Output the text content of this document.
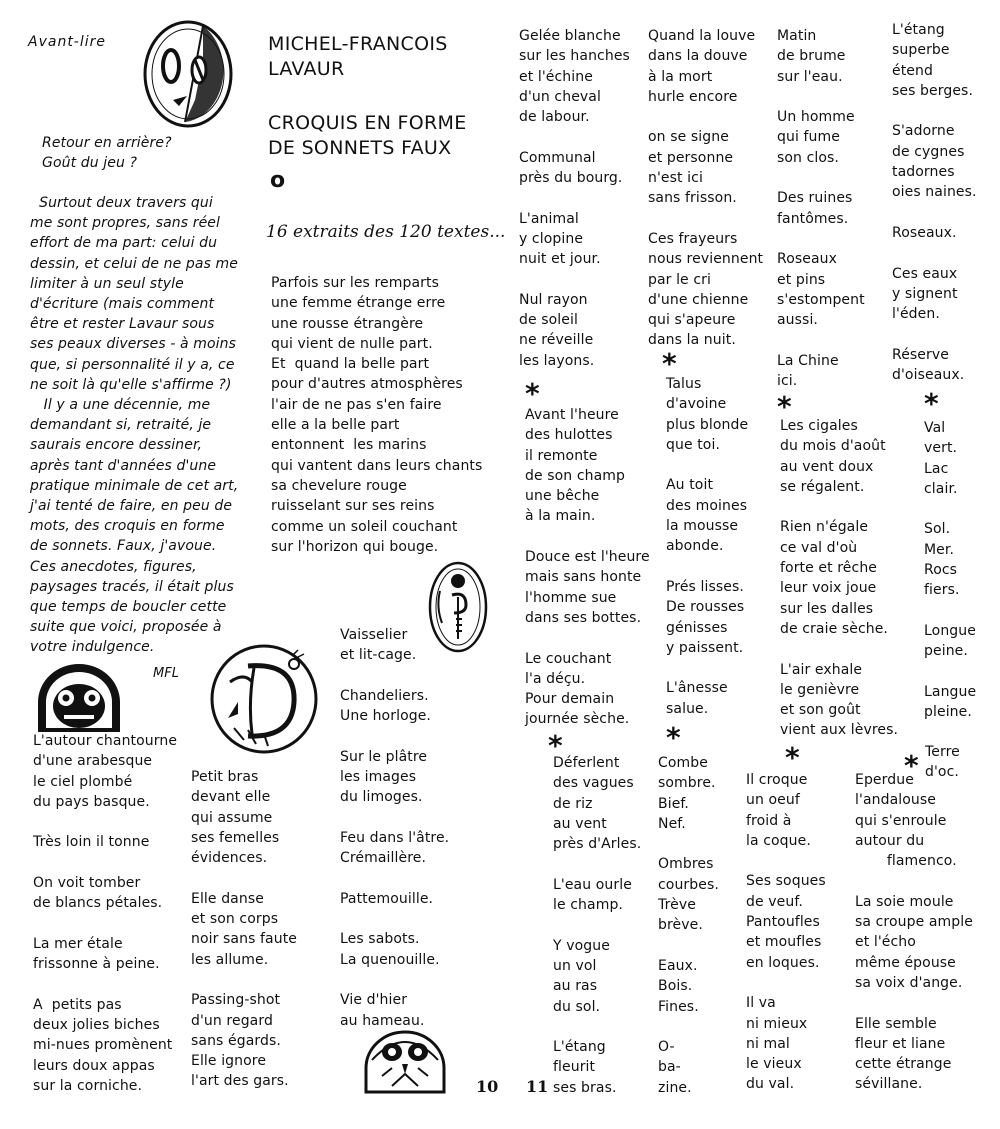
Avant-lire
Retour en arrière?
Goût du jeu ?
Surtout deux travers qui
me sont propres, sans réel
effort de ma part: celui du
dessin, et celui de ne pas me
limiter à un seul style
d'écriture (mais comment
être et rester Lavaur sous
ses peaux diverses - à moins
que, si personnalité il y a, ce
ne soit là qu'elle s'affirme ?)
Il y a une décennie, me
demandant si, retraité, je
saurais encore dessiner,
après tant d'années d'une
pratique minimale de cet art,
j'ai tenté de faire, en peu de
mots, des croquis en forme
de sonnets. Faux, j'avoue.
Ces anecdotes, figures,
paysages tracés, il était plus
que temps de boucler cette
suite que voici, proposée à
votre indulgence.
MFL
MICHEL-FRANCOIS
LAVAUR
CROQUIS EN FORME
DE SONNETS FAUX
o
16 extraits des 120 textes...
Parfois sur les remparts
une femme étrange erre
une rousse étrangère
qui vient de nulle part.
Et  quand la belle part
pour d'autres atmosphères
l'air de ne pas s'en faire
elle a la belle part
entonnent  les marins
qui vantent dans leurs chants
sa chevelure rouge
ruisselant sur ses reins
comme un soleil couchant
sur l'horizon qui bouge.
L'autour chantourne
d'une arabesque
le ciel plombé
du pays basque.

Très loin il tonne

On voit tomber
de blancs pétales.

La mer étale
frissonne à peine.

A  petits pas
deux jolies biches
mi-nues promènent
leurs doux appas
sur la corniche.
Petit bras
devant elle
qui assume
ses femelles
évidences.

Elle danse
et son corps
noir sans faute
les allume.

Passing-shot
d'un regard
sans égards.
Elle ignore
l'art des gars.
Vaisselier
et lit-cage.

Chandeliers.
Une horloge.

Sur le plâtre
les images
du limoges.

Feu dans l'âtre.
Crémaillère.

Pattemouille.

Les sabots.
La quenouille.

Vie d'hier
au hameau.
10 11
Gelée blanche
sur les hanches
et l'échine
d'un cheval
de labour.

Communal
près du bourg.

L'animal
y clopine
nuit et jour.

Nul rayon
de soleil
ne réveille
les layons.
*
Avant l'heure
des hulottes
il remonte
de son champ
une bêche
à la main.

Douce est l'heure
mais sans honte
l'homme sue
dans ses bottes.

Le couchant
l'a déçu.
Pour demain
journée sèche.
*
Déferlent
des vagues
de riz
au vent
près d'Arles.

L'eau ourle
le champ.

Y vogue
un vol
au ras
du sol.

L'étang
fleurit
ses bras.
Quand la louve
dans la douve
à la mort
hurle encore

on se signe
et personne
n'est ici
sans frisson.

Ces frayeurs
nous reviennent
par le cri
d'une chienne
qui s'apeure
dans la nuit.
*
Talus
d'avoine
plus blonde
que toi.

Au toit
des moines
la mousse
abonde.

Prés lisses.
De rousses
génisses
y paissent.

L'ânesse
salue.
*
Combe
sombre.
Bief.
Nef.

Ombres
courbes.
Trève
brève.

Eaux.
Bois.
Fines.

O-
ba-
zine.
Matin
de brume
sur l'eau.

Un homme
qui fume
son clos.

Des ruines
fantômes.

Roseaux
et pins
s'estompent
aussi.

La Chine
ici.
*
Les cigales
du mois d'août
au vent doux
se régalent.

Rien n'égale
ce val d'où
forte et rêche
leur voix joue
sur les dalles
de craie sèche.

L'air exhale
le genièvre
et son goût
vient aux lèvres.
*
Il croque
un oeuf
froid à
la coque.

Ses soques
de veuf.
Pantoufles
et moufles
en loques.

Il va
ni mieux
ni mal
le vieux
du val.
L'étang
superbe
étend
ses berges.

S'adorne
de cygnes
tadornes
oies naines.

Roseaux.

Ces eaux
y signent
l'éden.

Réserve
d'oiseaux.
*
Val
vert.
Lac
clair.

Sol.
Mer.
Rocs
fiers.

Longue
peine.

Langue
pleine.
Terre
d'oc.
*
Eperdue
l'andalouse
qui s'enroule
autour du
flamenco.

La soie moule
sa croupe ample
et l'écho
même épouse
sa voix d'ange.

Elle semble
fleur et liane
cette étrange
sévillane.
